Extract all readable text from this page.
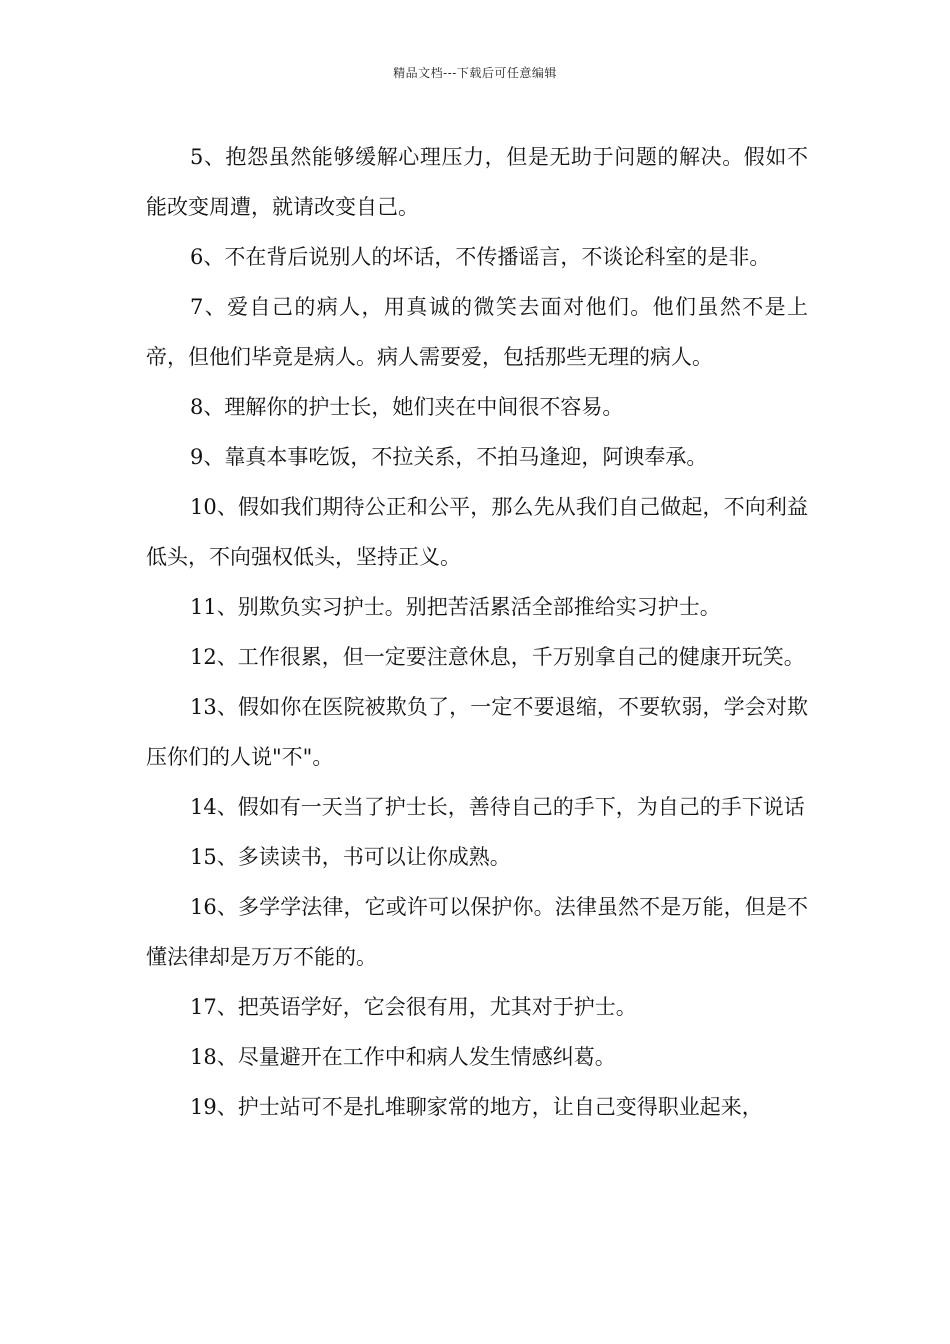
精品文档---下载后可任意编辑

5、抱怨虽然能够缓解心理压力，但是无助于问题的解决。假如不能改变周遭，就请改变自己。

6、不在背后说别人的坏话，不传播谣言，不谈论科室的是非。

7、爱自己的病人，用真诚的微笑去面对他们。他们虽然不是上帝，但他们毕竟是病人。病人需要爱，包括那些无理的病人。

8、理解你的护士长，她们夹在中间很不容易。

9、靠真本事吃饭，不拉关系，不拍马逢迎，阿谀奉承。

10、假如我们期待公正和公平，那么先从我们自己做起，不向利益低头，不向强权低头，坚持正义。

11、别欺负实习护士。别把苦活累活全部推给实习护士。

12、工作很累，但一定要注意休息，千万别拿自己的健康开玩笑。

13、假如你在医院被欺负了，一定不要退缩，不要软弱，学会对欺压你们的人说"不"。

14、假如有一天当了护士长，善待自己的手下，为自己的手下说话

15、多读读书，书可以让你成熟。

16、多学学法律，它或许可以保护你。法律虽然不是万能，但是不懂法律却是万万不能的。

17、把英语学好，它会很有用，尤其对于护士。

18、尽量避开在工作中和病人发生情感纠葛。

19、护士站可不是扎堆聊家常的地方，让自己变得职业起来，
